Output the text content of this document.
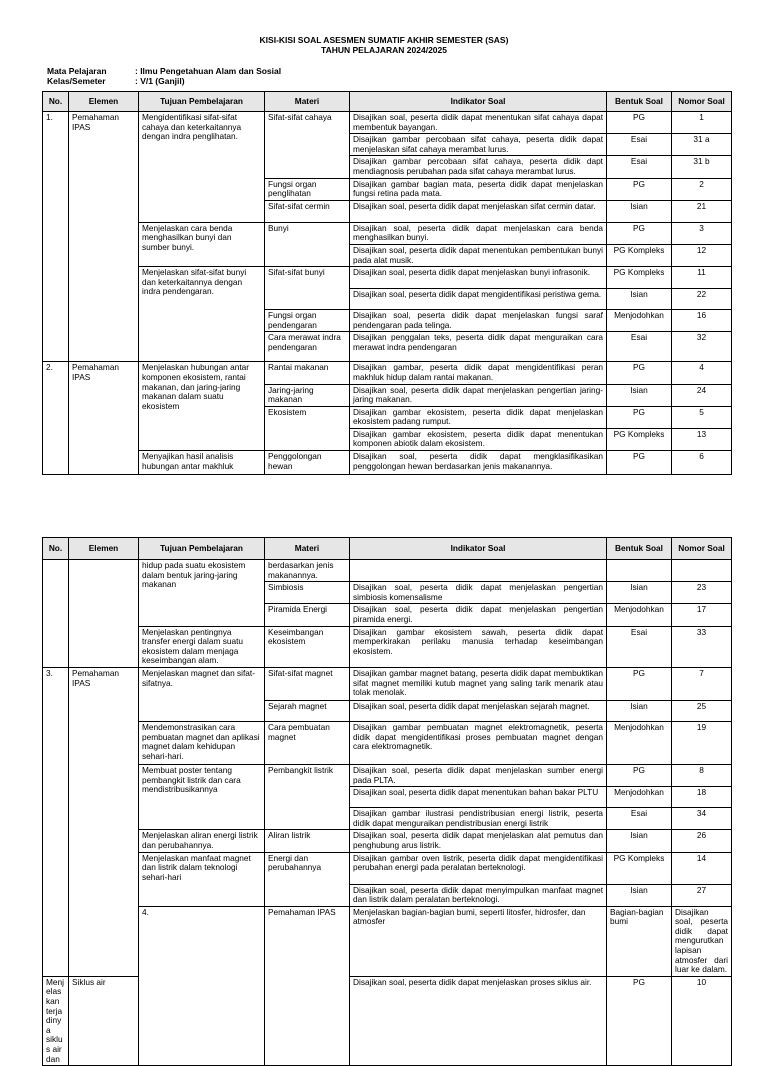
KISI-KISI SOAL ASESMEN SUMATIF AKHIR SEMESTER (SAS)
TAHUN PELAJARAN 2024/2025
Mata Pelajaran	: Ilmu Pengetahuan Alam dan Sosial
Kelas/Semeter	: V/1 (Ganjil)
No.	Elemen	Tujuan Pembelajaran	Materi	Indikator Soal	Bentuk Soal	Nomor Soal
1.	Pemahaman IPAS	Mengidentifikasi sifat-sifat cahaya dan keterkaitannya dengan indra penglihatan.	Sifat-sifat cahaya	Disajikan soal, peserta didik dapat menentukan sifat cahaya dapat membentuk bayangan.	PG	1
				Disajikan gambar percobaan sifat cahaya, peserta didik dapat menjelaskan sifat cahaya merambat lurus.	Esai	31 a
				Disajikan gambar percobaan sifat cahaya, peserta didik dapt mendiagnosis perubahan pada sifat cahaya merambat lurus.	Esai	31 b
			Fungsi organ penglihatan	Disajikan gambar bagian mata, peserta didik dapat menjelaskan fungsi retina pada mata.	PG	2
			Sifat-sifat cermin	Disajikan soal, peserta didik dapat menjelaskan sifat cermin datar.	Isian	21
		Menjelaskan cara benda menghasilkan bunyi dan sumber bunyi.	Bunyi	Disajikan soal, peserta didik dapat menjelaskan cara benda menghasilkan bunyi.	PG	3
				Disajikan soal, peserta didik dapat menentukan pembentukan bunyi pada alat musik.	PG Kompleks	12
		Menjelaskan sifat-sifat bunyi dan keterkaitannya dengan indra pendengaran.	Sifat-sifat bunyi	Disajikan soal, peserta didik dapat menjelaskan bunyi infrasonik.	PG Kompleks	11
				Disajikan soal, peserta didik dapat mengidentifikasi peristiwa gema.	Isian	22
			Fungsi organ pendengaran	Disajikan soal, peserta didik dapat menjelaskan fungsi saraf pendengaran pada telinga.	Menjodohkan	16
			Cara merawat indra pendengaran	Disajikan penggalan teks, peserta didik dapat menguraikan cara merawat indra pendengaran	Esai	32
2.	Pemahaman IPAS	Menjelaskan hubungan antar komponen ekosistem, rantai makanan, dan jaring-jaring makanan dalam suatu ekosistem	Rantai makanan	Disajikan gambar, peserta didik dapat mengidentifikasi peran makhluk hidup dalam rantai makanan.	PG	4
			Jaring-jaring makanan	Disajikan soal, peserta didik dapat menjelaskan pengertian jaring-jaring makanan.	Isian	24
			Ekosistem	Disajikan gambar ekosistem, peserta didik dapat menjelaskan ekosistem padang rumput.	PG	5
				Disajikan gambar ekosistem, peserta didik dapat menentukan komponen abiotik dalam ekosistem.	PG Kompleks	13
		Menyajikan hasil analisis hubungan antar makhluk	Penggolongan hewan	Disajikan soal, peserta didik dapat mengklasifikasikan penggolongan hewan berdasarkan jenis makanannya.	PG	6
No.	Elemen	Tujuan Pembelajaran	Materi	Indikator Soal	Bentuk Soal	Nomor Soal	
		hidup pada suatu ekosistem dalam bentuk jaring-jaring makanan	berdasarkan jenis makanannya.				
			Simbiosis	Disajikan soal, peserta didik dapat menjelaskan pengertian simbiosis komensalisme	Isian	23	
			Piramida Energi	Disajikan soal, peserta didik dapat menjelaskan pengertian piramida energi.	Menjodohkan	17	
		Menjelaskan pentingnya transfer energi dalam suatu ekosistem dalam menjaga keseimbangan alam.	Keseimbangan ekosistem	Disajikan gambar ekosistem sawah, peserta didik dapat memperkirakan perilaku manusia terhadap keseimbangan ekosistem.	Esai	33	
3.	Pemahaman IPAS	Menjelaskan magnet dan sifat-sifatnya.	Sifat-sifat magnet	Disajikan gambar magnet batang, peserta didik dapat membuktikan sifat magnet memiliki kutub magnet yang saling tarik menarik atau tolak menolak.	PG	7	
			Sejarah magnet	Disajikan soal, peserta didik dapat menjelaskan sejarah magnet.	Isian	25	
		Mendemonstrasikan cara pembuatan magnet dan aplikasi magnet dalam kehidupan sehari-hari.	Cara pembuatan magnet	Disajikan gambar pembuatan magnet elektromagnetik, peserta didik dapat mengidentifikasi proses pembuatan magnet dengan cara elektromagnetik.	Menjodohkan	19	
		Membuat poster tentang pembangkit listrik dan cara mendistribusikannya	Pembangkit listrik	Disajikan soal, peserta didik dapat menjelaskan sumber energi pada PLTA.	PG	8	
				Disajikan soal, peserta didik dapat menentukan bahan bakar PLTU	Menjodohkan	18	
				Disajikan gambar ilustrasi pendistribusian energi listrik, peserta didik dapat menguraikan pendistribusian energi listrik	Esai	34	
		Menjelaskan aliran energi listrik dan perubahannya.	Aliran listrik	Disajikan soal, peserta didik dapat menjelaskan alat pemutus dan penghubung arus listrik.	Isian	26	
		Menjelaskan manfaat magnet dan listrik dalam teknologi sehari-hari	Energi dan perubahannya	Disajikan gambar oven listrik, peserta didik dapat mengidentifikasi perubahan energi pada peralatan berteknologi.	PG Kompleks	14	
				Disajikan soal, peserta didik dapat menyimpulkan manfaat magnet dan listrik dalam peralatan berteknologi.	Isian	27	
		4.	Pemahaman IPAS	Menjelaskan bagian-bagian bumi, seperti litosfer, hidrosfer, dan atmosfer	Bagian-bagian bumi	Disajikan soal, peserta didik dapat mengurutkan lapisan atmosfer dari luar ke dalam.		
Menjelaskan terjadinya siklus air dan	Siklus air			Disajikan soal, peserta didik dapat menjelaskan proses siklus air.	PG	10	
